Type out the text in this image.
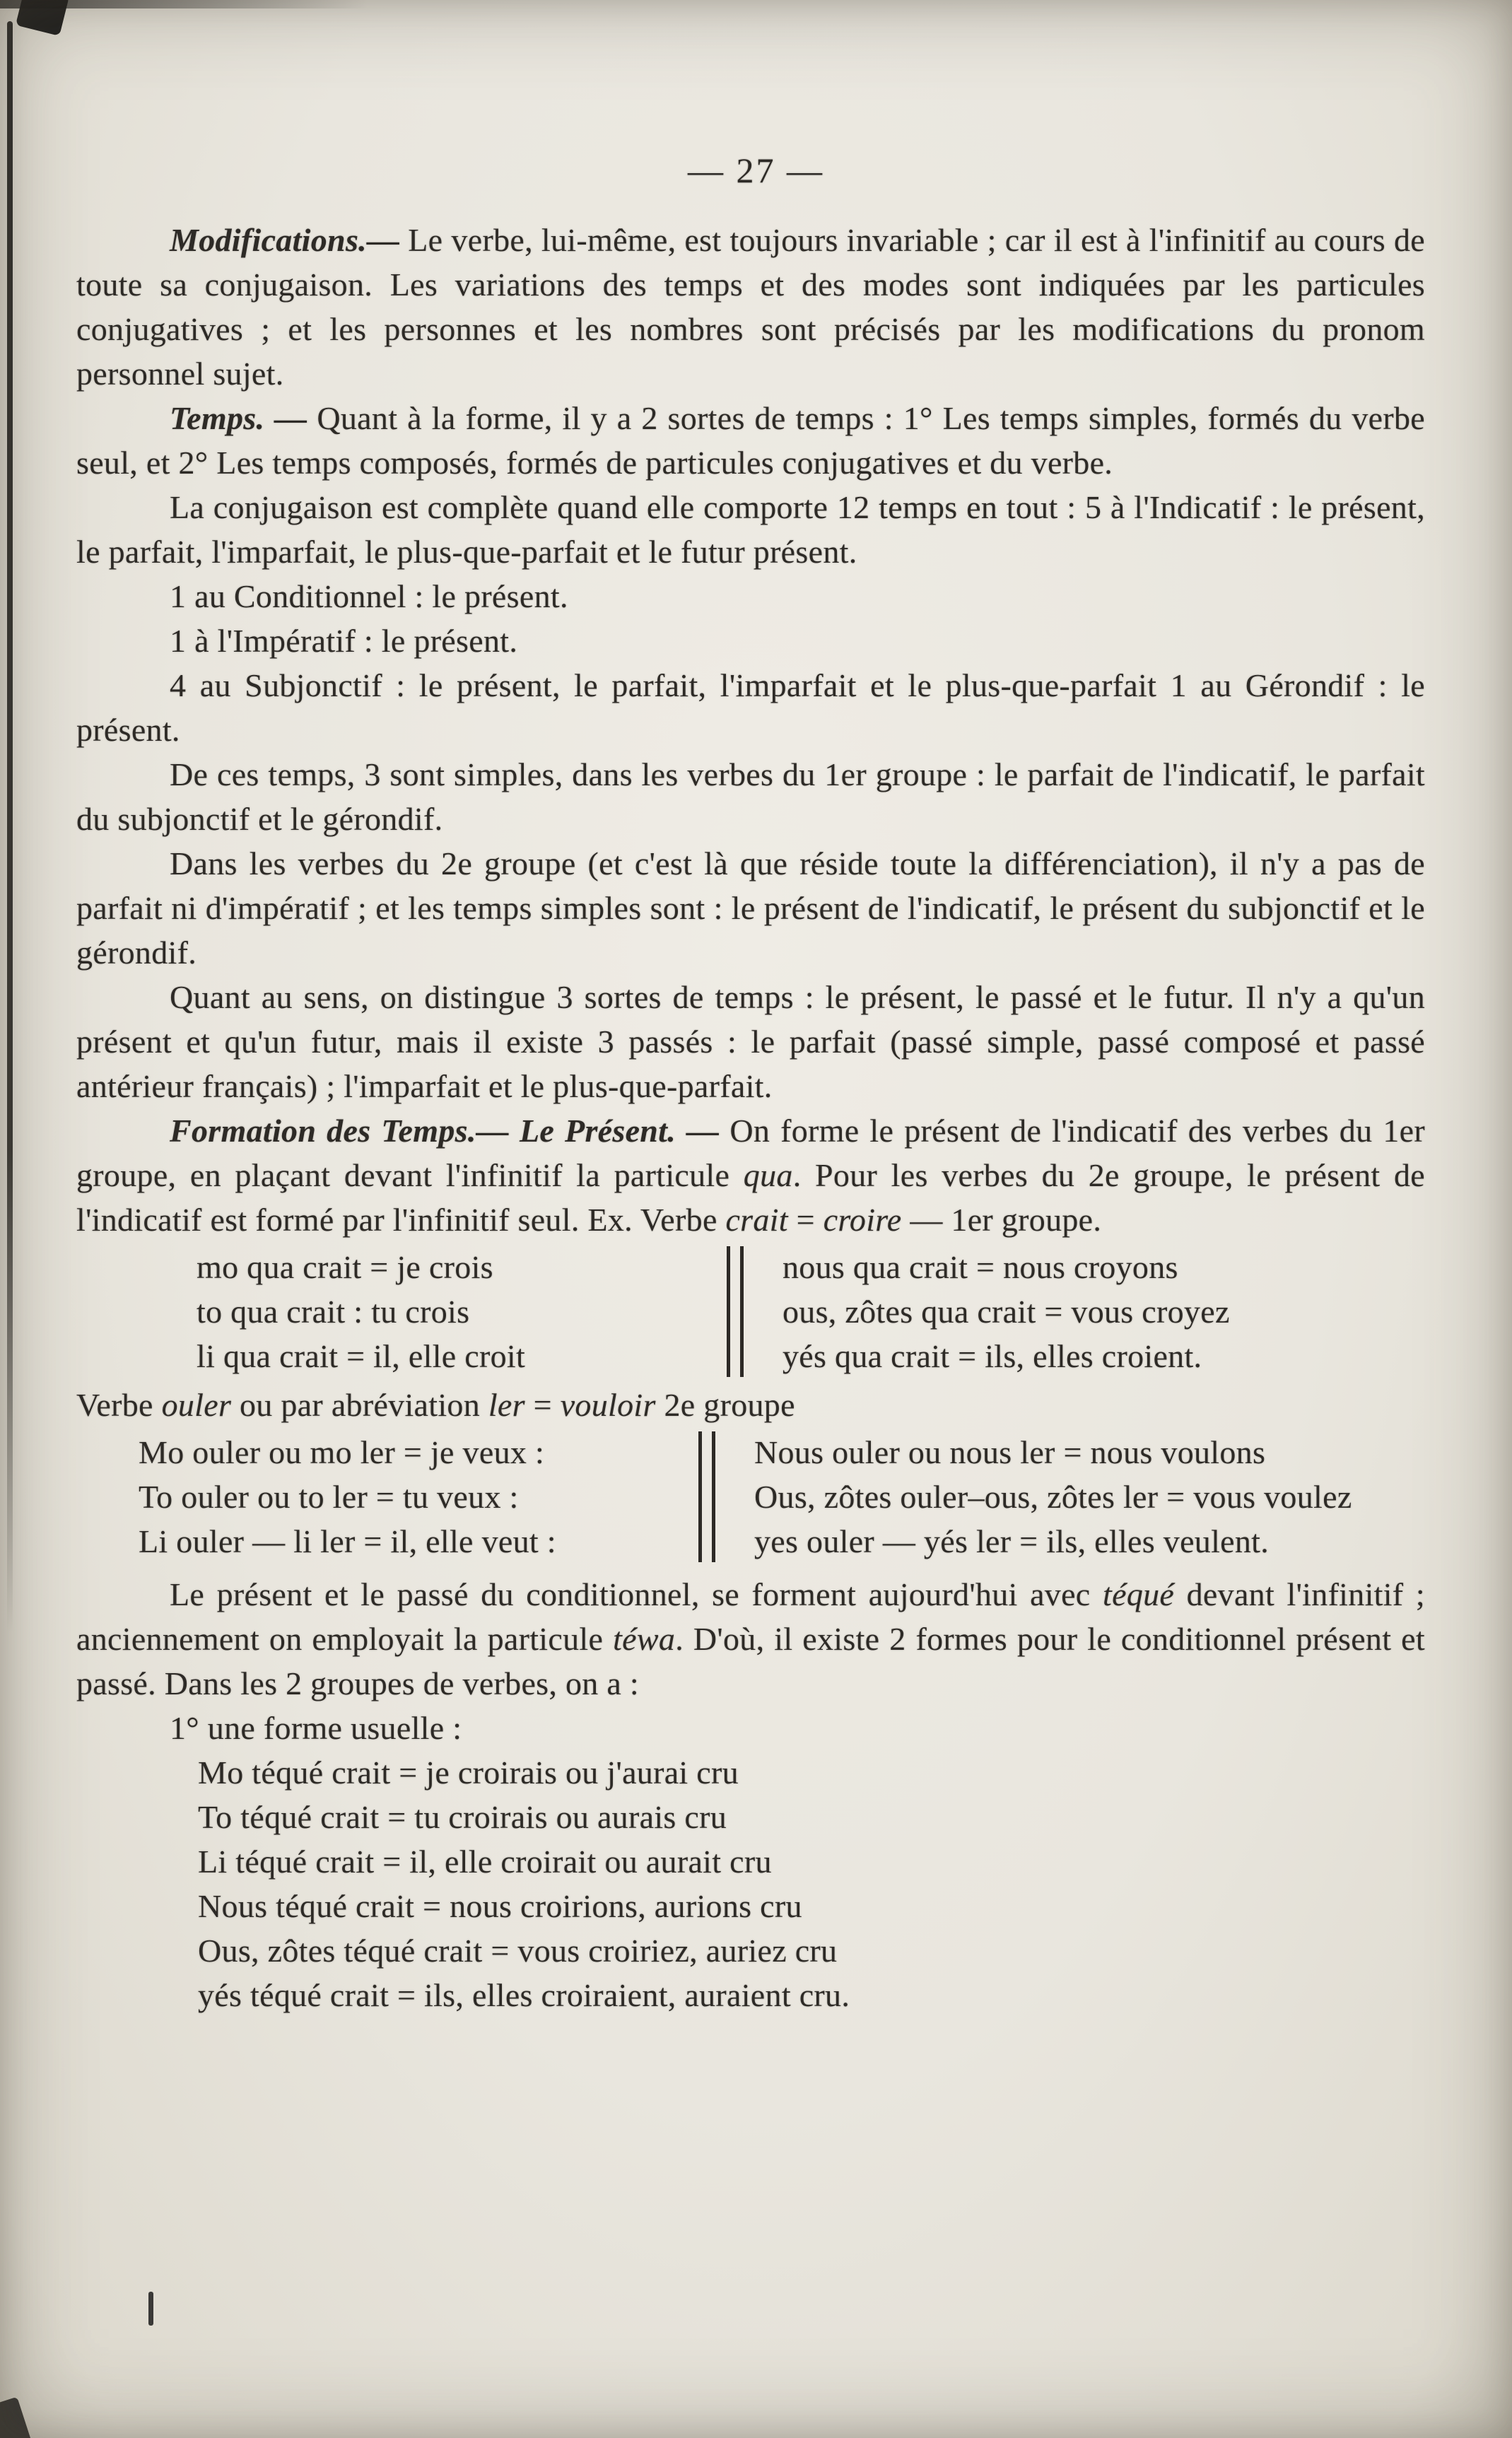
— 27 —

Modifications.— Le verbe, lui-même, est toujours invariable ; car il est à l'infinitif au cours de toute sa conjugaison. Les variations des temps et des modes sont indiquées par les particules conjugatives ; et les personnes et les nombres sont précisés par les modifications du pronom personnel sujet.

Temps. — Quant à la forme, il y a 2 sortes de temps : 1° Les temps simples, formés du verbe seul, et 2° Les temps composés, formés de particules conjugatives et du verbe.

La conjugaison est complète quand elle comporte 12 temps en tout : 5 à l'Indicatif : le présent, le parfait, l'imparfait, le plus-que-parfait et le futur présent.

1 au Conditionnel : le présent.

1 à l'Impératif : le présent.

4 au Subjonctif : le présent, le parfait, l'imparfait et le plus-que-parfait 1 au Gérondif : le présent.

De ces temps, 3 sont simples, dans les verbes du 1er groupe : le parfait de l'indicatif, le parfait du subjonctif et le gérondif.

Dans les verbes du 2e groupe (et c'est là que réside toute la différenciation), il n'y a pas de parfait ni d'impératif ; et les temps simples sont : le présent de l'indicatif, le présent du subjonctif et le gérondif.

Quant au sens, on distingue 3 sortes de temps : le présent, le passé et le futur. Il n'y a qu'un présent et qu'un futur, mais il existe 3 passés : le parfait (passé simple, passé composé et passé antérieur français) ; l'imparfait et le plus-que-parfait.

Formation des Temps.— Le Présent. — On forme le présent de l'indicatif des verbes du 1er groupe, en plaçant devant l'infinitif la particule qua. Pour les verbes du 2e groupe, le présent de l'indicatif est formé par l'infinitif seul. Ex. Verbe crait = croire — 1er groupe.

mo qua crait = je crois
to qua crait : tu crois
li qua crait = il, elle croit
nous qua crait = nous croyons
ous, zôtes qua crait = vous croyez
yés qua crait = ils, elles croient.

Verbe ouler ou par abréviation ler = vouloir 2e groupe

Mo ouler ou mo ler = je veux :
To ouler ou to ler = tu veux :
Li ouler — li ler = il, elle veut :
Nous ouler ou nous ler = nous voulons
Ous, zôtes ouler–ous, zôtes ler = vous voulez
yes ouler — yés ler = ils, elles veulent.

Le présent et le passé du conditionnel, se forment aujourd'hui avec téqué devant l'infinitif ; anciennement on employait la particule téwa. D'où, il existe 2 formes pour le conditionnel présent et passé. Dans les 2 groupes de verbes, on a :

1° une forme usuelle :

Mo téqué crait = je croirais ou j'aurai cru
To téqué crait = tu croirais ou aurais cru
Li téqué crait = il, elle croirait ou aurait cru
Nous téqué crait = nous croirions, aurions cru
Ous, zôtes téqué crait = vous croiriez, auriez cru
yés téqué crait = ils, elles croiraient, auraient cru.
